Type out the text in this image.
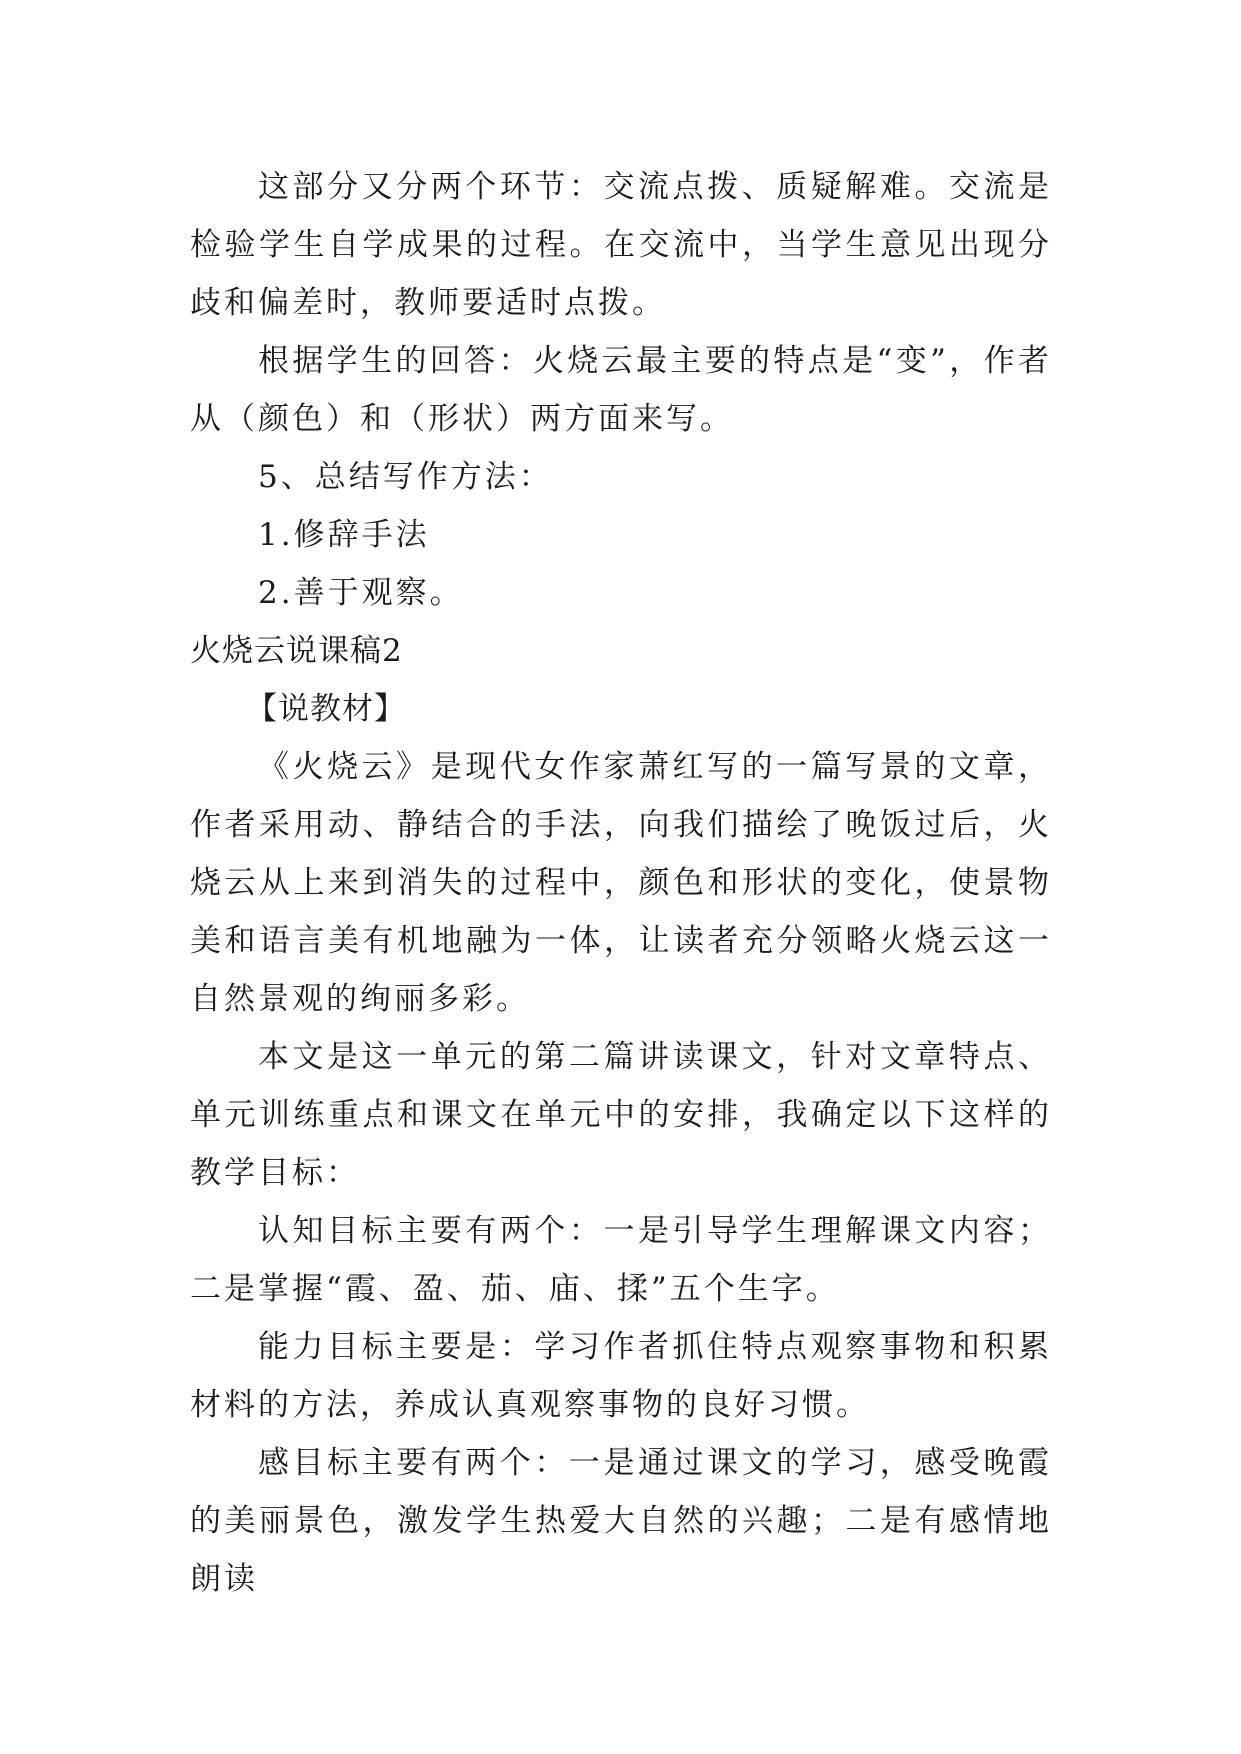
这部分又分两个环节：交流点拨、质疑解难。交流是检验学生自学成果的过程。在交流中，当学生意见出现分歧和偏差时，教师要适时点拨。

根据学生的回答：火烧云最主要的特点是“变”，作者从（颜色）和（形状）两方面来写。

5、总结写作方法：

1.修辞手法

2.善于观察。

火烧云说课稿2

【说教材】

《火烧云》是现代女作家萧红写的一篇写景的文章，作者采用动、静结合的手法，向我们描绘了晚饭过后，火烧云从上来到消失的过程中，颜色和形状的变化，使景物美和语言美有机地融为一体，让读者充分领略火烧云这一自然景观的绚丽多彩。

本文是这一单元的第二篇讲读课文，针对文章特点、单元训练重点和课文在单元中的安排，我确定以下这样的教学目标：

认知目标主要有两个：一是引导学生理解课文内容；二是掌握“霞、盈、茄、庙、揉”五个生字。

能力目标主要是：学习作者抓住特点观察事物和积累材料的方法，养成认真观察事物的良好习惯。

感目标主要有两个：一是通过课文的学习，感受晚霞的美丽景色，激发学生热爱大自然的兴趣；二是有感情地朗读
